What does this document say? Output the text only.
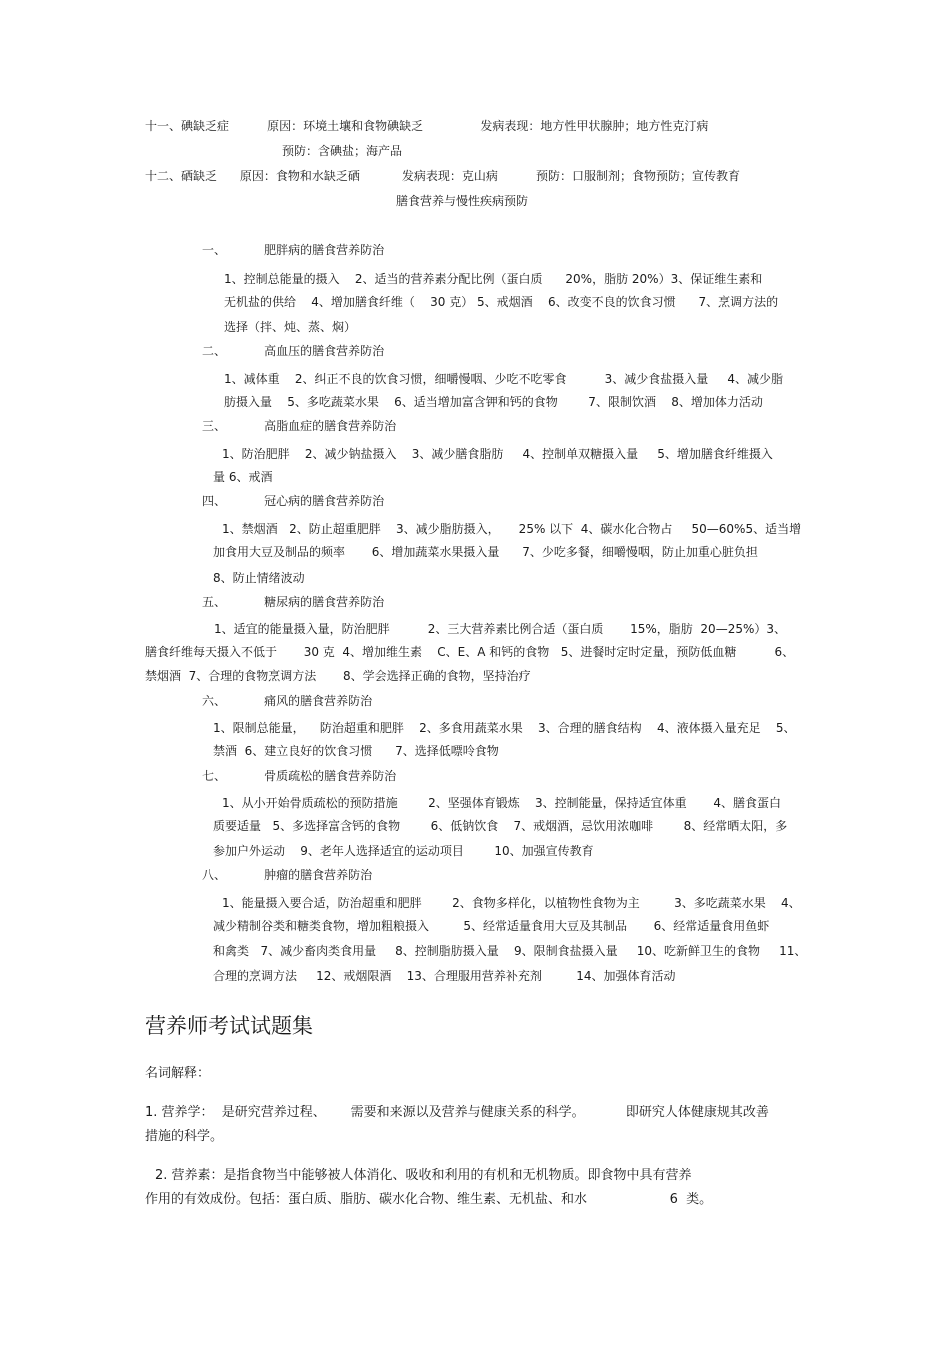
十一、碘缺乏症          原因：环境土壤和食物碘缺乏               发病表现：地方性甲状腺肿；地方性克汀病
预防：含碘盐；海产品
十二、硒缺乏      原因：食物和水缺乏硒           发病表现：克山病          预防：口服制剂；食物预防；宣传教育
膳食营养与慢性疾病预防
一、          肥胖病的膳食营养防治
1、控制总能量的摄入    2、适当的营养素分配比例（蛋白质      20%，脂肪 20%）3、保证维生素和
无机盐的供给    4、增加膳食纤维（    30 克） 5、戒烟酒    6、改变不良的饮食习惯      7、烹调方法的
选择（拌、炖、蒸、焖）
二、          高血压的膳食营养防治
1、减体重    2、纠正不良的饮食习惯，细嚼慢咽、少吃不吃零食          3、减少食盐摄入量     4、减少脂
肪摄入量    5、多吃蔬菜水果    6、适当增加富含钾和钙的食物        7、限制饮酒    8、增加体力活动
三、          高脂血症的膳食营养防治
1、防治肥胖    2、减少钠盐摄入    3、减少膳食脂肪     4、控制单双糖摄入量     5、增加膳食纤维摄入
量 6、戒酒
四、          冠心病的膳食营养防治
1、禁烟酒   2、防止超重肥胖    3、减少脂肪摄入，     25% 以下  4、碳水化合物占     50—60%5、适当增
加食用大豆及制品的频率       6、增加蔬菜水果摄入量      7、少吃多餐，细嚼慢咽，防止加重心脏负担
8、防止情绪波动
五、          糖尿病的膳食营养防治
1、适宜的能量摄入量，防治肥胖          2、三大营养素比例合适（蛋白质       15%，脂肪  20—25%）3、
膳食纤维每天摄入不低于       30 克  4、增加维生素    C、E、A 和钙的食物   5、进餐时定时定量，预防低血糖          6、
禁烟酒  7、合理的食物烹调方法       8、学会选择正确的食物，坚持治疗
六、          痛风的膳食营养防治
1、限制总能量，    防治超重和肥胖    2、多食用蔬菜水果    3、合理的膳食结构    4、液体摄入量充足    5、
禁酒  6、建立良好的饮食习惯      7、选择低嘌呤食物
七、          骨质疏松的膳食营养防治
1、从小开始骨质疏松的预防措施        2、坚强体育锻炼    3、控制能量，保持适宜体重       4、膳食蛋白
质要适量   5、多选择富含钙的食物        6、低钠饮食    7、戒烟酒，忌饮用浓咖啡        8、经常晒太阳，多
参加户外运动    9、老年人选择适宜的运动项目        10、加强宣传教育
八、          肿瘤的膳食营养防治
1、能量摄入要合适，防治超重和肥胖        2、食物多样化，以植物性食物为主         3、多吃蔬菜水果    4、
减少精制谷类和糖类食物，增加粗粮摄入         5、经常适量食用大豆及其制品       6、经常适量食用鱼虾
和禽类   7、减少畜肉类食用量     8、控制脂肪摄入量    9、限制食盐摄入量     10、吃新鲜卫生的食物     11、
合理的烹调方法     12、戒烟限酒    13、合理服用营养补充剂         14、加强体育活动
营养师考试试题集
名词解释：
1. 营养学：  是研究营养过程、      需要和来源以及营养与健康关系的科学。          即研究人体健康规其改善
措施的科学。
2. 营养素：是指食物当中能够被人体消化、吸收和利用的有机和无机物质。即食物中具有营养
作用的有效成份。包括：蛋白质、脂肪、碳水化合物、维生素、无机盐、和水                    6  类。
